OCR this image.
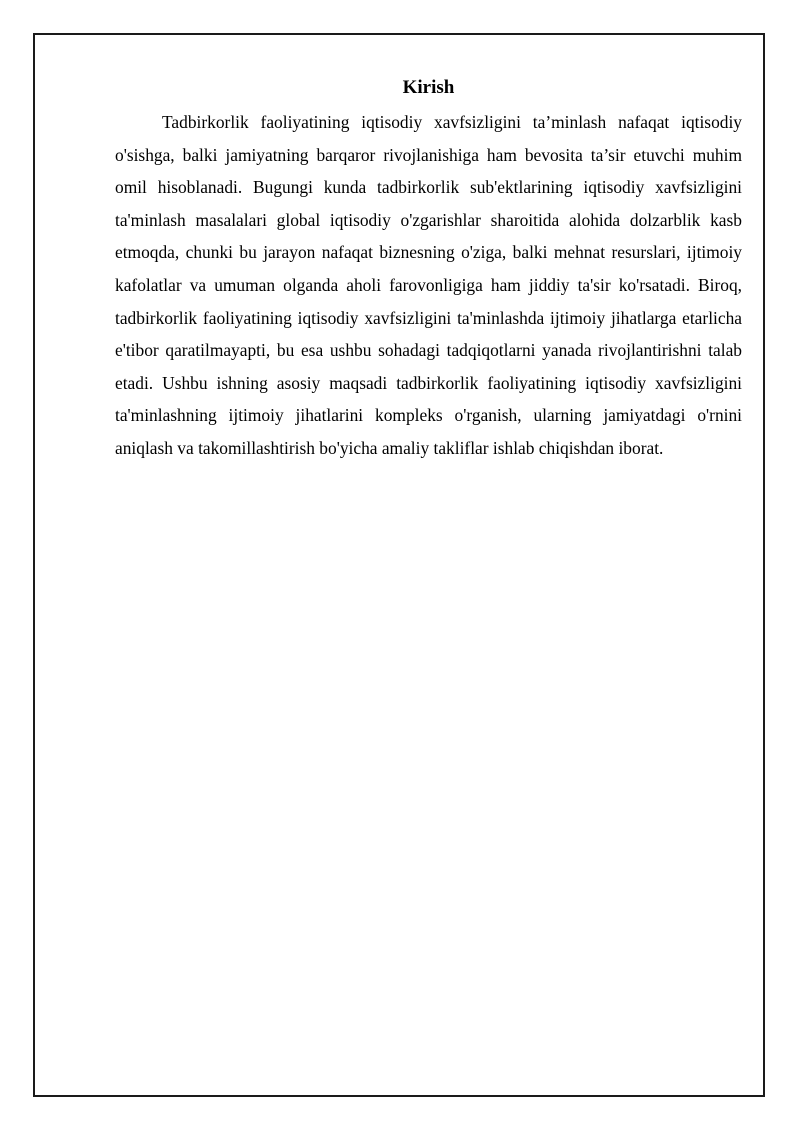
Kirish

Tadbirkorlik faoliyatining iqtisodiy xavfsizligini ta’minlash nafaqat iqtisodiy o'sishga, balki jamiyatning barqaror rivojlanishiga ham bevosita ta’sir etuvchi muhim omil hisoblanadi. Bugungi kunda tadbirkorlik sub'ektlarining iqtisodiy xavfsizligini ta'minlash masalalari global iqtisodiy o'zgarishlar sharoitida alohida dolzarblik kasb etmoqda, chunki bu jarayon nafaqat biznesning o'ziga, balki mehnat resurslari, ijtimoiy kafolatlar va umuman olganda aholi farovonligiga ham jiddiy ta'sir ko'rsatadi. Biroq, tadbirkorlik faoliyatining iqtisodiy xavfsizligini ta'minlashda ijtimoiy jihatlarga etarlicha e'tibor qaratilmayapti, bu esa ushbu sohadagi tadqiqotlarni yanada rivojlantirishni talab etadi. Ushbu ishning asosiy maqsadi tadbirkorlik faoliyatining iqtisodiy xavfsizligini ta'minlashning ijtimoiy jihatlarini kompleks o'rganish, ularning jamiyatdagi o'rnini aniqlash va takomillashtirish bo'yicha amaliy takliflar ishlab chiqishdan iborat.
